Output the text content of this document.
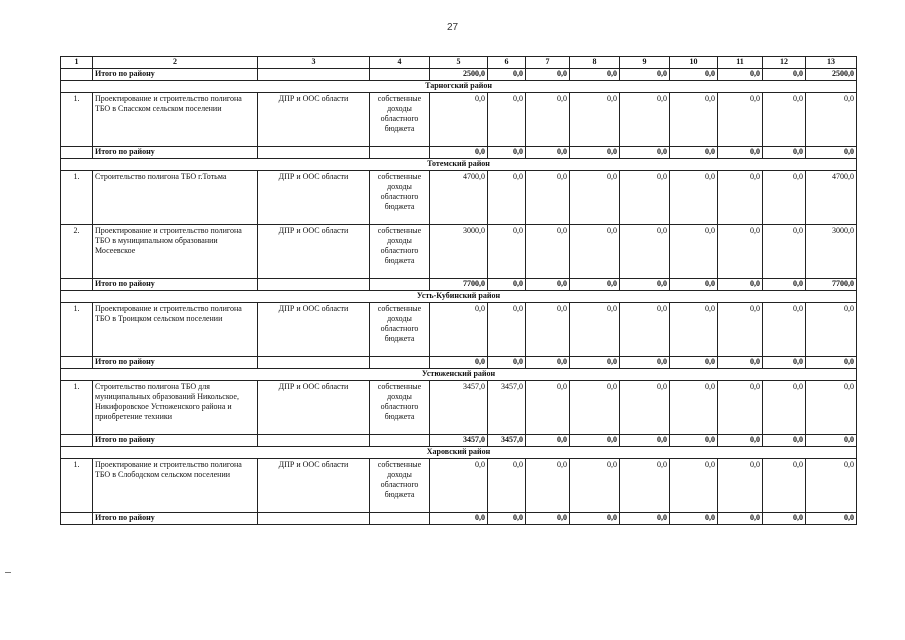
27
1	2	3	4	5	6	7	8	9	10	11	12	13
	Итого по району			2500,0	0,0	0,0	0,0	0,0	0,0	0,0	0,0	2500,0
Тарногский район												
1.	Проектирование и строительство полигона ТБО в Спасском сельском поселении	ДПР и ООС области	собственные доходы областного бюджета	0,0	0,0	0,0	0,0	0,0	0,0	0,0	0,0	0,0
	Итого по району			0,0	0,0	0,0	0,0	0,0	0,0	0,0	0,0	0,0
Тотемский район												
1.	Строительство полигона ТБО г.Тотьма	ДПР и ООС области	собственные доходы областного бюджета	4700,0	0,0	0,0	0,0	0,0	0,0	0,0	0,0	4700,0
2.	Проектирование и строительство полигона ТБО в муниципальном образовании Мосеевское	ДПР и ООС области	собственные доходы областного бюджета	3000,0	0,0	0,0	0,0	0,0	0,0	0,0	0,0	3000,0
	Итого по району			7700,0	0,0	0,0	0,0	0,0	0,0	0,0	0,0	7700,0
Усть-Кубинский район												
1.	Проектирование и строительство полигона ТБО в Троицком сельском поселении	ДПР и ООС области	собственные доходы областного бюджета	0,0	0,0	0,0	0,0	0,0	0,0	0,0	0,0	0,0
	Итого по району			0,0	0,0	0,0	0,0	0,0	0,0	0,0	0,0	0,0
Устюженский район												
1.	Строительство полигона ТБО для муниципальных образований Никольское, Никифоровское Устюженского района и приобретение техники	ДПР и ООС области	собственные доходы областного бюджета	3457,0	3457,0	0,0	0,0	0,0	0,0	0,0	0,0	0,0
	Итого по району			3457,0	3457,0	0,0	0,0	0,0	0,0	0,0	0,0	0,0
Харовский район												
1.	Проектирование и строительство полигона ТБО в Слободском сельском поселении	ДПР и ООС области	собственные доходы областного бюджета	0,0	0,0	0,0	0,0	0,0	0,0	0,0	0,0	0,0
	Итого по району			0,0	0,0	0,0	0,0	0,0	0,0	0,0	0,0	0,0
